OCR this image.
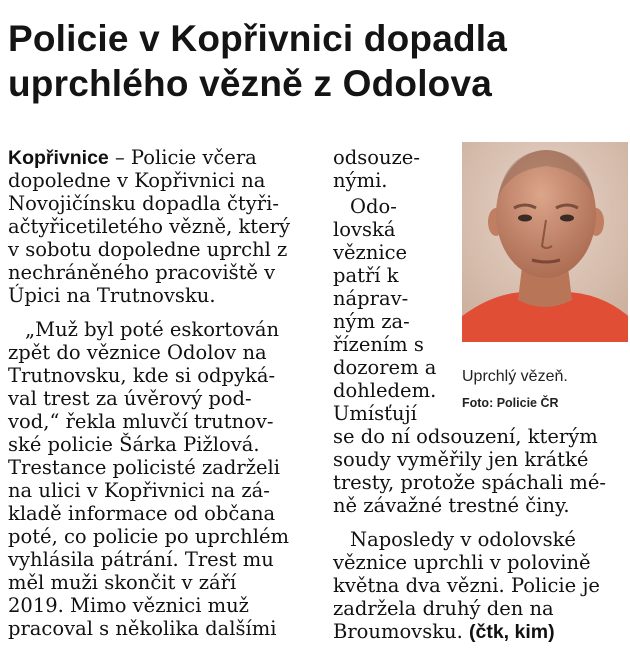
Policie v Kopřivnici dopadla
uprchlého vězně z Odolova
Kopřivnice – Policie včera
dopoledne v Kopřivnici na
Novojičínsku dopadla čtyři-
ačtyřicetiletého vězně, který
v sobotu dopoledne uprchl z
nechráněného pracoviště v
Úpici na Trutnovsku.
„Muž byl poté eskortován
zpět do věznice Odolov na
Trutnovsku, kde si odpyká-
val trest za úvěrový pod-
vod,“ řekla mluvčí trutnov-
ské policie Šárka Pižlová.
Trestance policisté zadrželi
na ulici v Kopřivnici na zá-
kladě informace od občana
poté, co policie po uprchlém
vyhlásila pátrání. Trest mu
měl muži skončit v září
2019. Mimo věznici muž
pracoval s několika dalšími
odsouze-
nými.
Odo-
lovská
věznice
patří k
náprav-
ným za-
řízením s
dozorem a
dohledem.
Umísťují
se do ní odsouzení, kterým
soudy vyměřily jen krátké
tresty, protože spáchali mé-
ně závažné trestné činy.
Naposledy v odolovské
věznice uprchli v polovině
května dva vězni. Policie je
zadržela druhý den na
Broumovsku. (čtk, kim)
Uprchlý vězeň.
Foto: Policie ČR
